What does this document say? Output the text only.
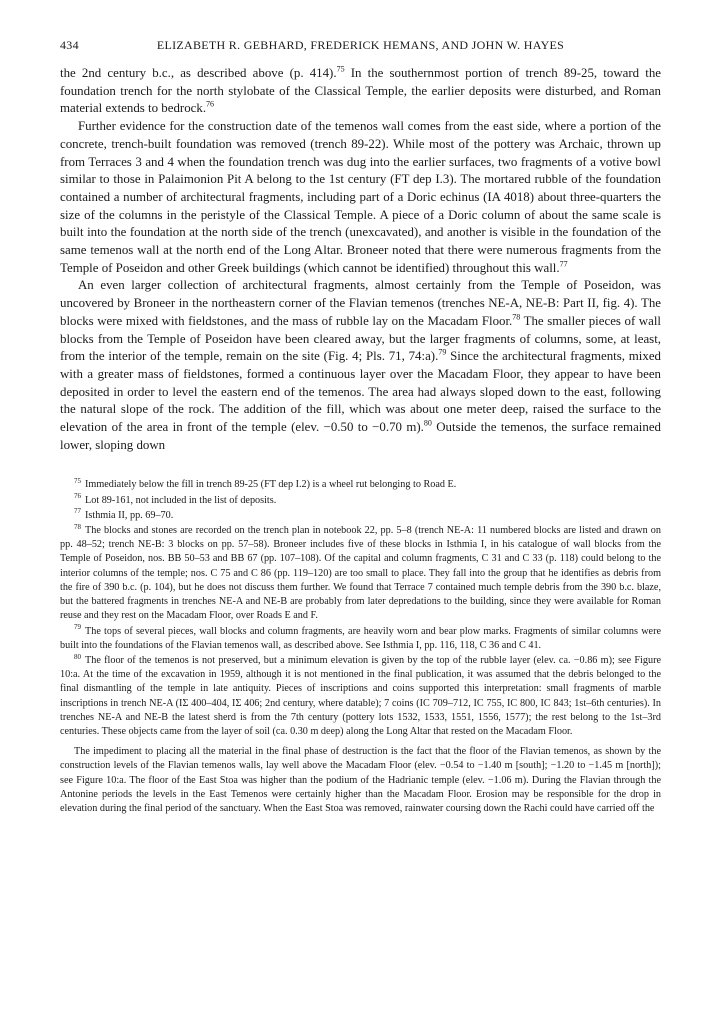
434	ELIZABETH R. GEBHARD, FREDERICK HEMANS, AND JOHN W. HAYES

the 2nd century b.c., as described above (p. 414).$^{75}$ In the southernmost portion of trench 89-25, toward the foundation trench for the north stylobate of the Classical Temple, the earlier deposits were disturbed, and Roman material extends to bedrock.$^{76}$

Further evidence for the construction date of the temenos wall comes from the east side, where a portion of the concrete, trench-built foundation was removed (trench 89-22). While most of the pottery was Archaic, thrown up from Terraces 3 and 4 when the foundation trench was dug into the earlier surfaces, two fragments of a votive bowl similar to those in Palaimonion Pit A belong to the 1st century (FT dep I.3). The mortared rubble of the foundation contained a number of architectural fragments, including part of a Doric echinus (IA 4018) about three-quarters the size of the columns in the peristyle of the Classical Temple. A piece of a Doric column of about the same scale is built into the foundation at the north side of the trench (unexcavated), and another is visible in the foundation of the same temenos wall at the north end of the Long Altar. Broneer noted that there were numerous fragments from the Temple of Poseidon and other Greek buildings (which cannot be identified) throughout this wall.$^{77}$

An even larger collection of architectural fragments, almost certainly from the Temple of Poseidon, was uncovered by Broneer in the northeastern corner of the Flavian temenos (trenches NE-A, NE-B: Part II, fig. 4). The blocks were mixed with fieldstones, and the mass of rubble lay on the Macadam Floor.$^{78}$ The smaller pieces of wall blocks from the Temple of Poseidon have been cleared away, but the larger fragments of columns, some, at least, from the interior of the temple, remain on the site (Fig. 4; Pls. 71, 74:a).$^{79}$ Since the architectural fragments, mixed with a greater mass of fieldstones, formed a continuous layer over the Macadam Floor, they appear to have been deposited in order to level the eastern end of the temenos. The area had always sloped down to the east, following the natural slope of the rock. The addition of the fill, which was about one meter deep, raised the surface to the elevation of the area in front of the temple (elev. −0.50 to −0.70 m).$^{80}$ Outside the temenos, the surface remained lower, sloping down

$^{75}$ Immediately below the fill in trench 89-25 (FT dep I.2) is a wheel rut belonging to Road E.

$^{76}$ Lot 89-161, not included in the list of deposits.

$^{77}$ Isthmia II, pp. 69–70.

$^{78}$ The blocks and stones are recorded on the trench plan in notebook 22, pp. 5–8 (trench NE-A: 11 numbered blocks are listed and drawn on pp. 48–52; trench NE-B: 3 blocks on pp. 57–58). Broneer includes five of these blocks in Isthmia I, in his catalogue of wall blocks from the Temple of Poseidon, nos. BB 50–53 and BB 67 (pp. 107–108). Of the capital and column fragments, C 31 and C 33 (p. 118) could belong to the interior columns of the temple; nos. C 75 and C 86 (pp. 119–120) are too small to place. They fall into the group that he identifies as debris from the fire of 390 b.c. (p. 104), but he does not discuss them further. We found that Terrace 7 contained much temple debris from the 390 b.c. blaze, but the battered fragments in trenches NE-A and NE-B are probably from later depredations to the building, since they were available for Roman reuse and they rest on the Macadam Floor, over Roads E and F.

$^{79}$ The tops of several pieces, wall blocks and column fragments, are heavily worn and bear plow marks. Fragments of similar columns were built into the foundations of the Flavian temenos wall, as described above. See Isthmia I, pp. 116, 118, C 36 and C 41.

$^{80}$ The floor of the temenos is not preserved, but a minimum elevation is given by the top of the rubble layer (elev. ca. −0.86 m); see Figure 10:a. At the time of the excavation in 1959, although it is not mentioned in the final publication, it was assumed that the debris belonged to the final dismantling of the temple in late antiquity. Pieces of inscriptions and coins supported this interpretation: small fragments of marble inscriptions in trench NE-A (IΣ 400–404, IΣ 406; 2nd century, where datable); 7 coins (IC 709–712, IC 755, IC 800, IC 843; 1st–6th centuries). In trenches NE-A and NE-B the latest sherd is from the 7th century (pottery lots 1532, 1533, 1551, 1556, 1577); the rest belong to the 1st–3rd centuries. These objects came from the layer of soil (ca. 0.30 m deep) along the Long Altar that rested on the Macadam Floor.

The impediment to placing all the material in the final phase of destruction is the fact that the floor of the Flavian temenos, as shown by the construction levels of the Flavian temenos walls, lay well above the Macadam Floor (elev. −0.54 to −1.40 m [south]; −1.20 to −1.45 m [north]); see Figure 10:a. The floor of the East Stoa was higher than the podium of the Hadrianic temple (elev. −1.06 m). During the Flavian through the Antonine periods the levels in the East Temenos were certainly higher than the Macadam Floor. Erosion may be responsible for the drop in elevation during the final period of the sanctuary. When the East Stoa was removed, rainwater coursing down the Rachi could have carried off the
